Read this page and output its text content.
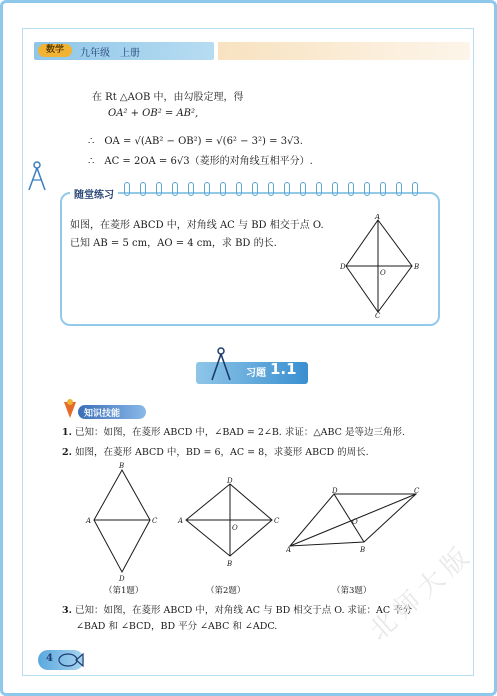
数学	九年级　上册
在 Rt △AOB 中，由勾股定理，得
OA² + OB² = AB²,
∴　OA = √(AB² − OB²) = √(6² − 3²) = 3√3.
∴　AC = 2OA = 6√3（菱形的对角线互相平分）.
随堂练习
如图，在菱形 ABCD 中，对角线 AC 与 BD 相交于点 O.
已知 AB = 5 cm，AO = 4 cm，求 BD 的长.
A
B
C
D
O
习题 1.1
知识技能
1. 已知：如图，在菱形 ABCD 中，∠BAD = 2∠B. 求证：△ABC 是等边三角形.
2. 如图，在菱形 ABCD 中，BD = 6，AC = 8，求菱形 ABCD 的周长.
B
C
D
A
D
C
B
A
O
D	C
B
A
O
（第1题）	（第2题）	（第3题）
3. 已知：如图，在菱形 ABCD 中，对角线 AC 与 BD 相交于点 O. 求证：AC 平分
∠BAD 和 ∠BCD，BD 平分 ∠ABC 和 ∠ADC.	北师大版
4
